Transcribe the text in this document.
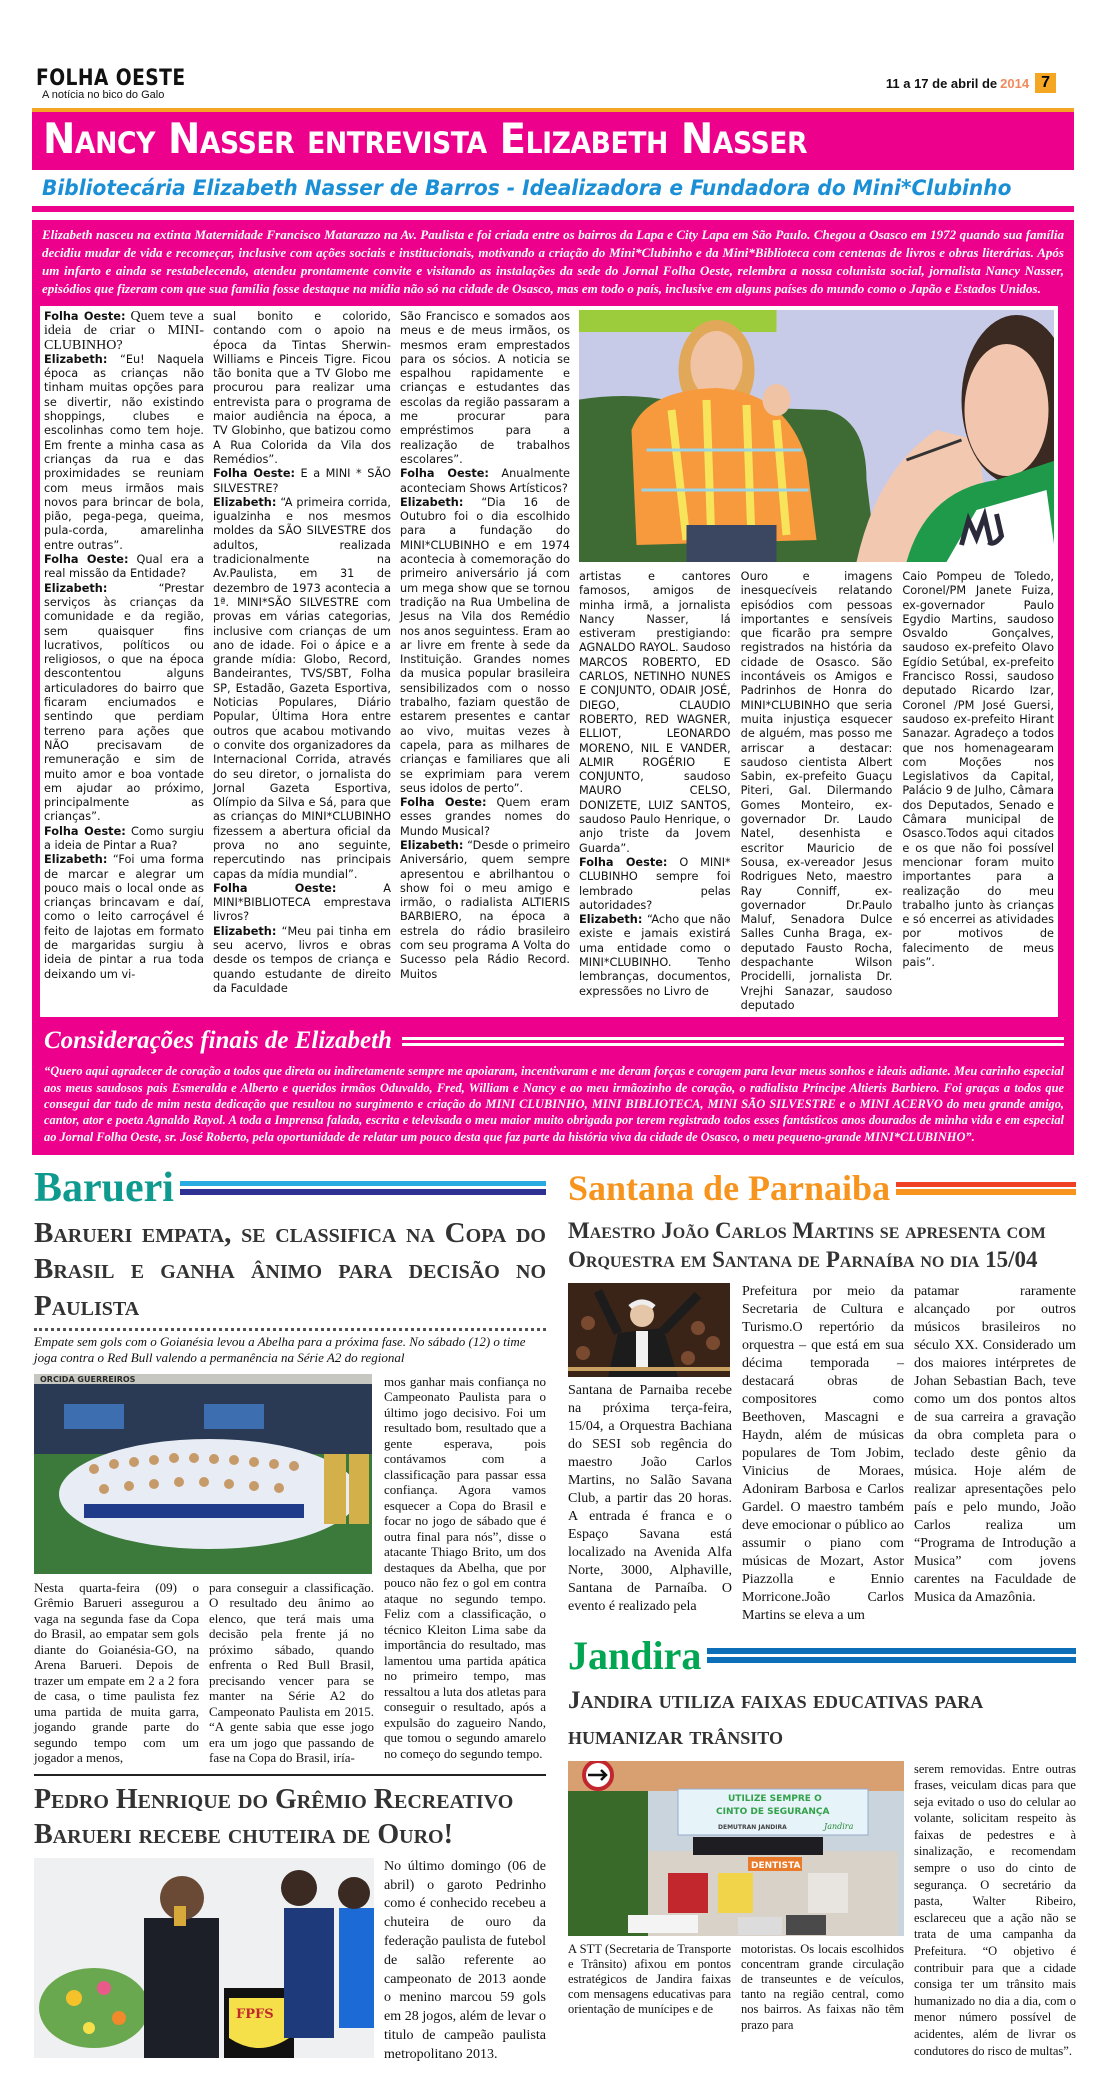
FOLHA OESTE
A notícia no bico do Galo
11 a 17 de abril de 2014 7
Nancy Nasser entrevista Elizabeth Nasser
Bibliotecária Elizabeth Nasser de Barros - Idealizadora e Fundadora do Mini*Clubinho
Elizabeth nasceu na extinta Maternidade Francisco Matarazzo na Av. Paulista e foi criada entre os bairros da Lapa e City Lapa em São Paulo. Chegou a Osasco em 1972 quando sua família decidiu mudar de vida e recomeçar, inclusive com ações sociais e institucionais, motivando a criação do Mini*Clubinho e da Mini*Biblioteca com centenas de livros e obras literárias. Após um infarto e ainda se restabelecendo, atendeu prontamente convite e visitando as instalações da sede do Jornal Folha Oeste, relembra a nossa colunista social, jornalista Nancy Nasser, episódios que fizeram com que sua família fosse destaque na mídia não só na cidade de Osasco, mas em todo o país, inclusive em alguns países do mundo como o Japão e Estados Unidos.

Folha Oeste: Quem teve a ideia de criar o MINI-CLUBINHO?

Elizabeth: “Eu! Naquela época as crianças não tinham muitas opções para se divertir, não existindo shoppings, clubes e escolinhas como tem hoje. Em frente a minha casa as crianças da rua e das proximidades se reuniam com meus irmãos mais novos para brincar de bola, pião, pega-pega, queima, pula-corda, amarelinha entre outras”.

Folha Oeste: Qual era a real missão da Entidade?

Elizabeth:	“Prestar serviços às crianças da comunidade e da região, sem quaisquer fins lucrativos, políticos ou religiosos, o que na época descontentou alguns articuladores do bairro que ficaram enciumados e sentindo que perdiam terreno para ações que NÃO precisavam de remuneração e sim de muito amor e boa vontade em ajudar ao próximo, principalmente as crianças”.

Folha Oeste: Como surgiu a ideia de Pintar a Rua?

Elizabeth: “Foi uma forma de marcar e alegrar um pouco mais o local onde as crianças brincavam e daí, como o leito carroçável é feito de lajotas em formato de margaridas surgiu à ideia de pintar a rua toda deixando um vi-

sual bonito e colorido, contando com o apoio na época da Tintas Sherwin-Williams e Pinceis Tigre. Ficou tão bonita que a TV Globo me procurou para realizar uma entrevista para o programa de maior audiência na época, a TV Globinho, que batizou como A Rua Colorida da Vila dos Remédios”.

Folha Oeste: E a MINI * SÃO SILVESTRE?

Elizabeth: “A primeira corrida, igualzinha e nos mesmos moldes da SÃO SILVESTRE dos adultos, realizada tradicionalmente na Av.Paulista, em 31 de dezembro de 1973 acontecia a 1ª. MINI*SÃO SILVESTRE com provas em várias categorias, inclusive com crianças de um ano de idade. Foi o ápice e a grande mídia: Globo, Record, Bandeirantes, TVS/SBT, Folha SP, Estadão, Gazeta Esportiva, Noticias Populares, Diário Popular, Última Hora entre outros que acabou motivando o convite dos organizadores da Internacional Corrida, através do seu diretor, o jornalista do Jornal Gazeta Esportiva, Olímpio da Silva e Sá, para que as crianças do MINI*CLUBINHO fizessem a abertura oficial da prova no ano seguinte, repercutindo nas principais capas da mídia mundial”.

Folha Oeste:	A MINI*BIBLIOTECA emprestava livros?

Elizabeth: “Meu pai tinha em seu acervo, livros e obras desde os tempos de criança e quando estudante de direito da Faculdade

São Francisco e somados aos meus e de meus irmãos, os mesmos eram emprestados para os sócios. A noticia se espalhou rapidamente e crianças e estudantes das escolas da região passaram a me procurar para empréstimos para a realização de trabalhos escolares”.

Folha Oeste: Anualmente aconteciam Shows Artísticos?

Elizabeth: “Dia 16 de Outubro foi o dia escolhido para a fundação do MINI*CLUBINHO e em 1974 acontecia à comemoração do primeiro aniversário já com um mega show que se tornou tradição na Rua Umbelina de Jesus na Vila dos Remédio nos anos seguintess. Eram ao ar livre em frente à sede da Instituição. Grandes nomes da musica popular brasileira sensibilizados com o nosso trabalho, faziam questão de estarem presentes e cantar ao vivo, muitas vezes à capela, para as milhares de crianças e familiares que ali se exprimiam para verem seus idolos de perto”.

Folha Oeste: Quem eram esses grandes nomes do Mundo Musical?

Elizabeth: “Desde o primeiro Aniversário, quem sempre apresentou e abrilhantou o show foi o meu amigo e irmão, o radialista ALTIERIS BARBIERO, na época a estrela do rádio brasileiro com seu programa A Volta do Sucesso pela Rádio Record. Muitos

artistas e cantores famosos, amigos de minha irmã, a jornalista Nancy Nasser, lá estiveram prestigiando: AGNALDO RAYOL. Saudoso MARCOS ROBERTO, ED CARLOS, NETINHO NUNES E CONJUNTO, ODAIR JOSÉ, DIEGO, CLAUDIO ROBERTO, RED WAGNER, ELLIOT, LEONARDO MORENO, NIL E VANDER, ALMIR ROGÉRIO E CONJUNTO, saudoso MAURO CELSO, DONIZETE, LUIZ SANTOS, saudoso Paulo Henrique, o anjo triste da Jovem Guarda”.

Folha Oeste: O MINI* CLUBINHO sempre foi lembrado pelas autoridades?

Elizabeth: “Acho que não existe e jamais existirá uma entidade como o MINI*CLUBINHO. Tenho lembranças, documentos, expressões no Livro de

Ouro e imagens inesquecíveis relatando episódios com pessoas importantes e sensíveis que ficarão pra sempre registrados na história da cidade de Osasco. São incontáveis os Amigos e Padrinhos de Honra do MINI*CLUBINHO que seria muita injustiça esquecer de alguém, mas posso me arriscar a destacar: saudoso cientista Albert Sabin, ex-prefeito Guaçu Piteri, Gal. Dilermando Gomes Monteiro, ex-governador Dr. Laudo Natel, desenhista e escritor Mauricio de Sousa, ex-vereador Jesus Rodrigues Neto, maestro Ray Conniff, ex-governador Dr.Paulo Maluf, Senadora Dulce Salles Cunha Braga, ex-deputado Fausto Rocha, despachante Wilson Procidelli, jornalista Dr. Vrejhi Sanazar, saudoso deputado

Caio Pompeu de Toledo, Coronel/PM Janete Fuiza, ex-governador Paulo Egydio Martins, saudoso Osvaldo Gonçalves, saudoso ex-prefeito Olavo Egídio Setúbal, ex-prefeito Francisco Rossi, saudoso deputado Ricardo Izar, Coronel /PM José Guersi, saudoso ex-prefeito Hirant Sanazar. Agradeço a todos que nos homenagearam com Moções nos Legislativos da Capital, Palácio 9 de Julho, Câmara dos Deputados, Senado e Câmara municipal de Osasco.Todos aqui citados e os que não foi possível mencionar foram muito importantes para a realização do meu trabalho junto às crianças e só encerrei as atividades por motivos de falecimento de meus pais”.

Considerações finais de Elizabeth
“Quero aqui agradecer de coração a todos que direta ou indiretamente sempre me apoiaram, incentivaram e me deram forças e coragem para levar meus sonhos e ideais adiante. Meu carinho especial aos meus saudosos pais Esmeralda e Alberto e queridos irmãos Oduvaldo, Fred, William e Nancy e ao meu irmãozinho de coração, o radialista Príncipe Altieris Barbiero. Foi graças a todos que consegui dar tudo de mim nesta dedicação que resultou no surgimento e criação do MINI CLUBINHO, MINI BIBLIOTECA, MINI SÃO SILVESTRE e o MINI ACERVO do meu grande amigo, cantor, ator e poeta Agnaldo Rayol. A toda a Imprensa falada, escrita e televisada o meu maior muito obrigada por terem registrado todos esses fantásticos anos dourados de minha vida e em especial ao Jornal Folha Oeste, sr. José Roberto, pela oportunidade de relatar um pouco desta que faz parte da história viva da cidade de Osasco, o meu pequeno-grande MINI*CLUBINHO”.
Barueri
Barueri empata, se classifica na Copa do Brasil e ganha ânimo para decisão no Paulista
Empate sem gols com o Goianésia levou a Abelha para a próxima fase. No sábado (12) o time joga contra o Red Bull valendo a permanência na Série A2 do regional
ORCIDA GUERREIROS
Nesta quarta-feira (09) o Grêmio Barueri assegurou a vaga na segunda fase da Copa do Brasil, ao empatar sem gols diante do Goianésia-GO, na Arena Barueri. Depois de trazer um empate em 2 a 2 fora de casa, o time paulista fez uma partida de muita garra, jogando grande parte do segundo tempo com um jogador a menos,
para conseguir a classificação. O resultado deu ânimo ao elenco, que terá mais uma decisão pela frente já no próximo sábado, quando enfrenta o Red Bull Brasil, precisando vencer para se manter na Série A2 do Campeonato Paulista em 2015. “A gente sabia que esse jogo era um jogo que passando de fase na Copa do Brasil, iría-
mos ganhar mais confiança no Campeonato Paulista para o último jogo decisivo. Foi um resultado bom, resultado que a gente esperava, pois contávamos com a classificação para passar essa confiança. Agora vamos esquecer a Copa do Brasil e focar no jogo de sábado que é outra final para nós”, disse o atacante Thiago Brito, um dos destaques da Abelha, que por pouco não fez o gol em contra ataque no segundo tempo. Feliz com a classificação, o técnico Kleiton Lima sabe da importância do resultado, mas lamentou uma partida apática no primeiro tempo, mas ressaltou a luta dos atletas para conseguir o resultado, após a expulsão do zagueiro Nando, que tomou o segundo amarelo no começo do segundo tempo.
Pedro Henrique do Grêmio Recreativo Barueri recebe chuteira de Ouro!
FPFS
No último domingo (06 de abril) o garoto Pedrinho como é conhecido recebeu a chuteira de ouro da federação paulista de futebol de salão referente ao campeonato de 2013 aonde o menino marcou 59 gols em 28 jogos, além de levar o titulo de campeão paulista metropolitano 2013.
Santana de Parnaiba
Maestro João Carlos Martins se apresenta com Orquestra em Santana de Parnaíba no dia 15/04
Santana de Parnaiba recebe na próxima terça-feira, 15/04, a Orquestra Bachiana do SESI sob regência do maestro João Carlos Martins, no Salão Savana Club, a partir das 20 horas. A entrada é franca e o Espaço Savana está localizado na Avenida Alfa Norte, 3000, Alphaville, Santana de Parnaíba. O evento é realizado pela
Prefeitura por meio da Secretaria de Cultura e Turismo.O repertório da orquestra – que está em sua décima temporada – destacará obras de compositores como Beethoven, Mascagni e Haydn, além de músicas populares de Tom Jobim, Vinicius de Moraes, Adoniram Barbosa e Carlos Gardel. O maestro também deve emocionar o público ao assumir o piano com músicas de Mozart, Astor Piazzolla e Ennio Morricone.João Carlos Martins se eleva a um
patamar raramente alcançado por outros músicos brasileiros no século XX. Considerado um dos maiores intérpretes de Johan Sebastian Bach, teve como um dos pontos altos de sua carreira a gravação da obra completa para o teclado deste gênio da música. Hoje além de realizar apresentações pelo país e pelo mundo, João Carlos realiza um “Programa de Introdução a Musica” com jovens carentes na Faculdade de Musica da Amazônia.
Jandira
Jandira utiliza faixas educativas para humanizar trânsito
DENTISTA
UTILIZE SEMPRE O
CINTO DE SEGURANÇA
DEMUTRAN JANDIRA	Jandira
A STT (Secretaria de Transporte e Trânsito) afixou em pontos estratégicos de Jandira faixas com mensagens educativas para orientação de munícipes e de
motoristas. Os locais escolhidos concentram grande circulação de transeuntes e de veículos, tanto na região central, como nos bairros. As faixas não têm prazo para
serem removidas. Entre outras frases, veiculam dicas para que seja evitado o uso do celular ao volante, solicitam respeito às faixas de pedestres e à sinalização, e recomendam sempre o uso do cinto de segurança. O secretário da pasta, Walter Ribeiro, esclareceu que a ação não se trata de uma campanha da Prefeitura. “O objetivo é contribuir para que a cidade consiga ter um trânsito mais humanizado no dia a dia, com o menor número possível de acidentes, além de livrar os condutores do risco de multas”.
